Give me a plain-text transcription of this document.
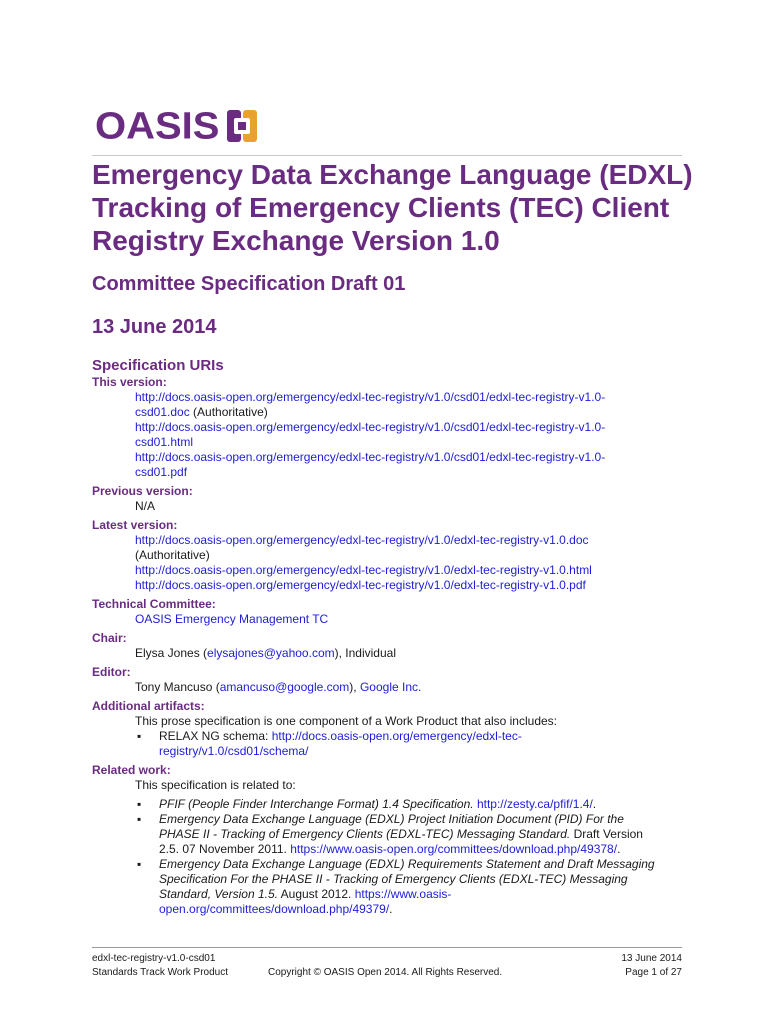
OASIS
Emergency Data Exchange Language (EDXL) Tracking of Emergency Clients (TEC) Client Registry Exchange Version 1.0
Committee Specification Draft 01
13 June 2014
Specification URIs
This version:
http://docs.oasis-open.org/emergency/edxl-tec-registry/v1.0/csd01/edxl-tec-registry-v1.0-
csd01.doc (Authoritative)
http://docs.oasis-open.org/emergency/edxl-tec-registry/v1.0/csd01/edxl-tec-registry-v1.0-
csd01.html
http://docs.oasis-open.org/emergency/edxl-tec-registry/v1.0/csd01/edxl-tec-registry-v1.0-
csd01.pdf
Previous version:
N/A
Latest version:
http://docs.oasis-open.org/emergency/edxl-tec-registry/v1.0/edxl-tec-registry-v1.0.doc
(Authoritative)
http://docs.oasis-open.org/emergency/edxl-tec-registry/v1.0/edxl-tec-registry-v1.0.html
http://docs.oasis-open.org/emergency/edxl-tec-registry/v1.0/edxl-tec-registry-v1.0.pdf
Technical Committee:
OASIS Emergency Management TC
Chair:
Elysa Jones (elysajones@yahoo.com), Individual
Editor:
Tony Mancuso (amancuso@google.com), Google Inc.
Additional artifacts:
This prose specification is one component of a Work Product that also includes:
▪ RELAX NG schema: http://docs.oasis-open.org/emergency/edxl-tec-
registry/v1.0/csd01/schema/
Related work:
This specification is related to:
▪ PFIF (People Finder Interchange Format) 1.4 Specification. http://zesty.ca/pfif/1.4/.
▪ Emergency Data Exchange Language (EDXL) Project Initiation Document (PID) For the
PHASE II - Tracking of Emergency Clients (EDXL-TEC) Messaging Standard. Draft Version
2.5. 07 November 2011. https://www.oasis-open.org/committees/download.php/49378/.
▪ Emergency Data Exchange Language (EDXL) Requirements Statement and Draft Messaging
Specification For the PHASE II - Tracking of Emergency Clients (EDXL-TEC) Messaging
Standard, Version 1.5. August 2012. https://www.oasis-
open.org/committees/download.php/49379/.
edxl-tec-registry-v1.0-csd01
Standards Track Work Product	Copyright © OASIS Open 2014. All Rights Reserved.
13 June 2014
Page 1 of 27
